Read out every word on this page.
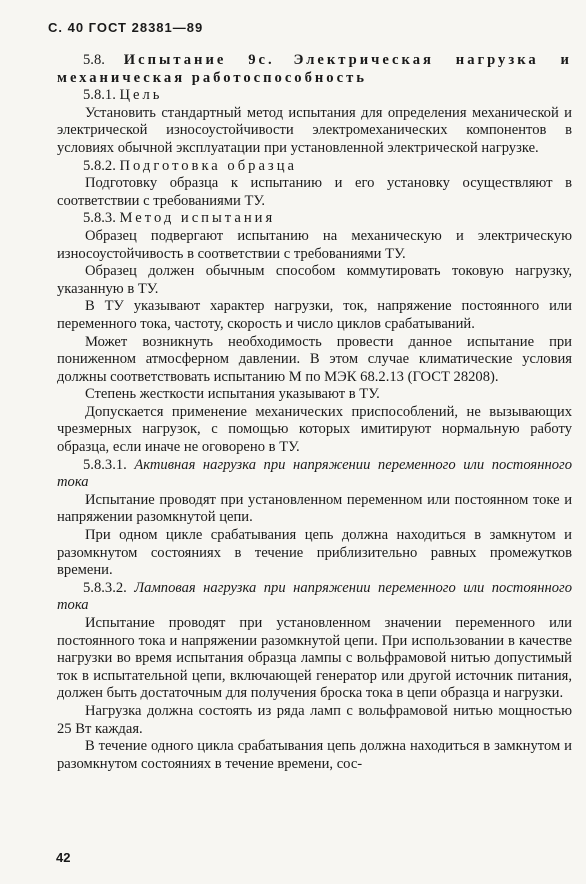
С. 40 ГОСТ 28381—89

5.8. Испытание 9с. Электрическая нагрузка и механическая работоспособность

5.8.1. Цель

Установить стандартный метод испытания для определения механической и электрической износоустойчивости электромеханических компонентов в условиях обычной эксплуатации при установленной электрической нагрузке.

5.8.2. Подготовка образца

Подготовку образца к испытанию и его установку осуществляют в соответствии с требованиями ТУ.

5.8.3. Метод испытания

Образец подвергают испытанию на механическую и электрическую износоустойчивость в соответствии с требованиями ТУ.

Образец должен обычным способом коммутировать токовую нагрузку, указанную в ТУ.

В ТУ указывают характер нагрузки, ток, напряжение постоянного или переменного тока, частоту, скорость и число циклов срабатываний.

Может возникнуть необходимость провести данное испытание при пониженном атмосферном давлении. В этом случае климатические условия должны соответствовать испытанию М по МЭК 68.2.13 (ГОСТ 28208).

Степень жесткости испытания указывают в ТУ.

Допускается применение механических приспособлений, не вызывающих чрезмерных нагрузок, с помощью которых имитируют нормальную работу образца, если иначе не оговорено в ТУ.

5.8.3.1. Активная нагрузка при напряжении переменного или постоянного тока

Испытание проводят при установленном переменном или постоянном токе и напряжении разомкнутой цепи.

При одном цикле срабатывания цепь должна находиться в замкнутом и разомкнутом состояниях в течение приблизительно равных промежутков времени.

5.8.3.2. Ламповая нагрузка при напряжении переменного или постоянного тока

Испытание проводят при установленном значении переменного или постоянного тока и напряжении разомкнутой цепи. При использовании в качестве нагрузки во время испытания образца лампы с вольфрамовой нитью допустимый ток в испытательной цепи, включающей генератор или другой источник питания, должен быть достаточным для получения броска тока в цепи образца и нагрузки.

Нагрузка должна состоять из ряда ламп с вольфрамовой нитью мощностью 25 Вт каждая.

В течение одного цикла срабатывания цепь должна находиться в замкнутом и разомкнутом состояниях в течение времени, сос-

42
